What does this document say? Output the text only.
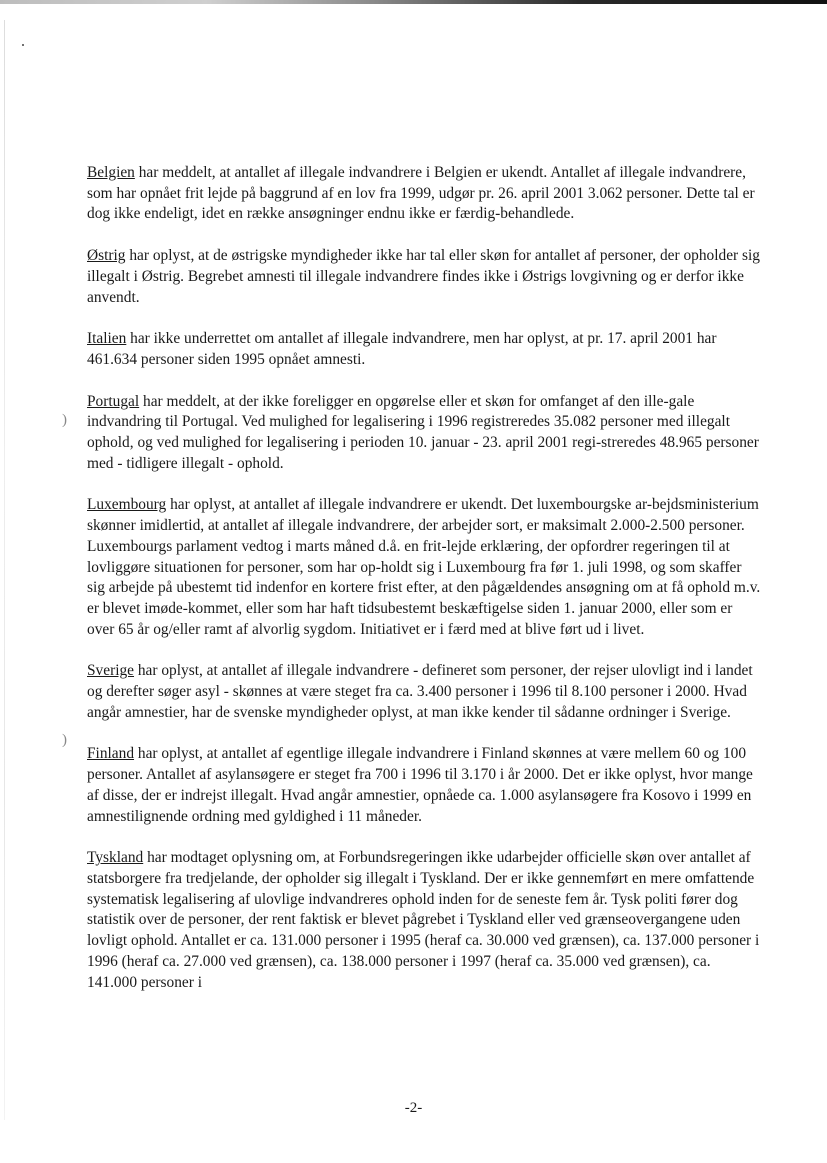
)
)

Belgien har meddelt, at antallet af illegale indvandrere i Belgien er ukendt. Antallet af illegale indvandrere, som har opnået frit lejde på baggrund af en lov fra 1999, udgør pr. 26. april 2001 3.062 personer. Dette tal er dog ikke endeligt, idet en række ansøgninger endnu ikke er færdig-behandlede.

Østrig har oplyst, at de østrigske myndigheder ikke har tal eller skøn for antallet af personer, der opholder sig illegalt i Østrig. Begrebet amnesti til illegale indvandrere findes ikke i Østrigs lovgivning og er derfor ikke anvendt.

Italien har ikke underrettet om antallet af illegale indvandrere, men har oplyst, at pr. 17. april 2001 har 461.634 personer siden 1995 opnået amnesti.

Portugal har meddelt, at der ikke foreligger en opgørelse eller et skøn for omfanget af den ille-gale indvandring til Portugal. Ved mulighed for legalisering i 1996 registreredes 35.082 personer med illegalt ophold, og ved mulighed for legalisering i perioden 10. januar - 23. april 2001 regi-streredes 48.965 personer med - tidligere illegalt - ophold.

Luxembourg har oplyst, at antallet af illegale indvandrere er ukendt. Det luxembourgske ar-bejdsministerium skønner imidlertid, at antallet af illegale indvandrere, der arbejder sort, er maksimalt 2.000-2.500 personer. Luxembourgs parlament vedtog i marts måned d.å. en frit-lejde erklæring, der opfordrer regeringen til at lovliggøre situationen for personer, som har op-holdt sig i Luxembourg fra før 1. juli 1998, og som skaffer sig arbejde på ubestemt tid indenfor en kortere frist efter, at den pågældendes ansøgning om at få ophold m.v. er blevet imøde-kommet, eller som har haft tidsubestemt beskæftigelse siden 1. januar 2000, eller som er over 65 år og/eller ramt af alvorlig sygdom. Initiativet er i færd med at blive ført ud i livet.

Sverige har oplyst, at antallet af illegale indvandrere - defineret som personer, der rejser ulovligt ind i landet og derefter søger asyl - skønnes at være steget fra ca. 3.400 personer i 1996 til 8.100 personer i 2000. Hvad angår amnestier, har de svenske myndigheder oplyst, at man ikke kender til sådanne ordninger i Sverige.

Finland har oplyst, at antallet af egentlige illegale indvandrere i Finland skønnes at være mellem 60 og 100 personer. Antallet af asylansøgere er steget fra 700 i 1996 til 3.170 i år 2000. Det er ikke oplyst, hvor mange af disse, der er indrejst illegalt. Hvad angår amnestier, opnåede ca. 1.000 asylansøgere fra Kosovo i 1999 en amnestilignende ordning med gyldighed i 11 måneder.

Tyskland har modtaget oplysning om, at Forbundsregeringen ikke udarbejder officielle skøn over antallet af statsborgere fra tredjelande, der opholder sig illegalt i Tyskland. Der er ikke gennemført en mere omfattende systematisk legalisering af ulovlige indvandreres ophold inden for de seneste fem år. Tysk politi fører dog statistik over de personer, der rent faktisk er blevet pågrebet i Tyskland eller ved grænseovergangene uden lovligt ophold. Antallet er ca. 131.000 personer i 1995 (heraf ca. 30.000 ved grænsen), ca. 137.000 personer i 1996 (heraf ca. 27.000 ved grænsen), ca. 138.000 personer i 1997 (heraf ca. 35.000 ved grænsen), ca. 141.000 personer i

-2-
